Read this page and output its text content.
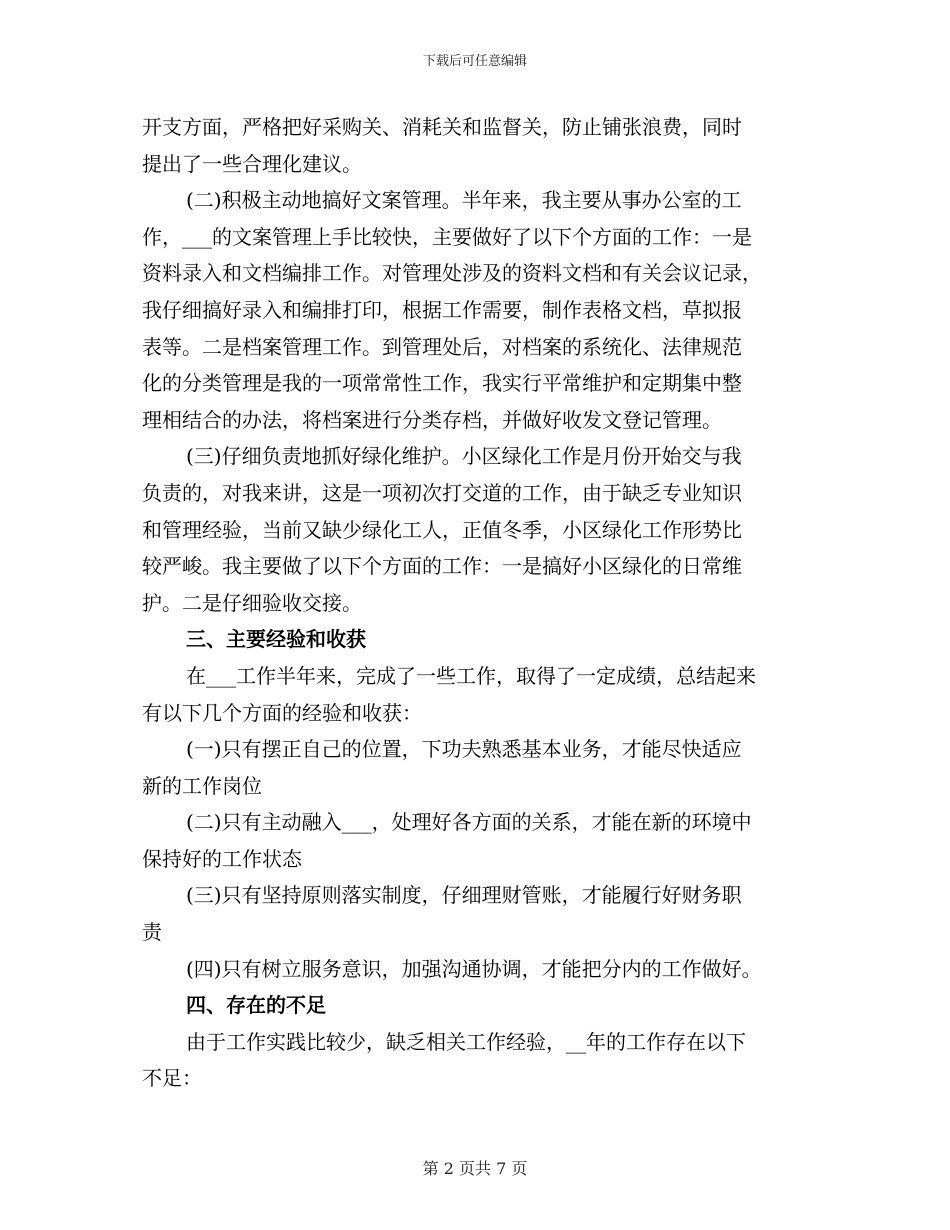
下载后可任意编辑
开支方面，严格把好采购关、消耗关和监督关，防止铺张浪费，同时
提出了一些合理化建议。
(二)积极主动地搞好文案管理。半年来，我主要从事办公室的工
作，___的文案管理上手比较快，主要做好了以下个方面的工作：一是
资料录入和文档编排工作。对管理处涉及的资料文档和有关会议记录，
我仔细搞好录入和编排打印，根据工作需要，制作表格文档，草拟报
表等。二是档案管理工作。到管理处后，对档案的系统化、法律规范
化的分类管理是我的一项常常性工作，我实行平常维护和定期集中整
理相结合的办法，将档案进行分类存档，并做好收发文登记管理。
(三)仔细负责地抓好绿化维护。小区绿化工作是月份开始交与我
负责的，对我来讲，这是一项初次打交道的工作，由于缺乏专业知识
和管理经验，当前又缺少绿化工人，正值冬季，小区绿化工作形势比
较严峻。我主要做了以下个方面的工作：一是搞好小区绿化的日常维
护。二是仔细验收交接。
三、主要经验和收获
在___工作半年来，完成了一些工作，取得了一定成绩，总结起来
有以下几个方面的经验和收获：
(一)只有摆正自己的位置，下功夫熟悉基本业务，才能尽快适应
新的工作岗位
(二)只有主动融入___，处理好各方面的关系，才能在新的环境中
保持好的工作状态
(三)只有坚持原则落实制度，仔细理财管账，才能履行好财务职
责
(四)只有树立服务意识，加强沟通协调，才能把分内的工作做好。
四、存在的不足
由于工作实践比较少，缺乏相关工作经验，__年的工作存在以下
不足：
第 2 页共 7 页
